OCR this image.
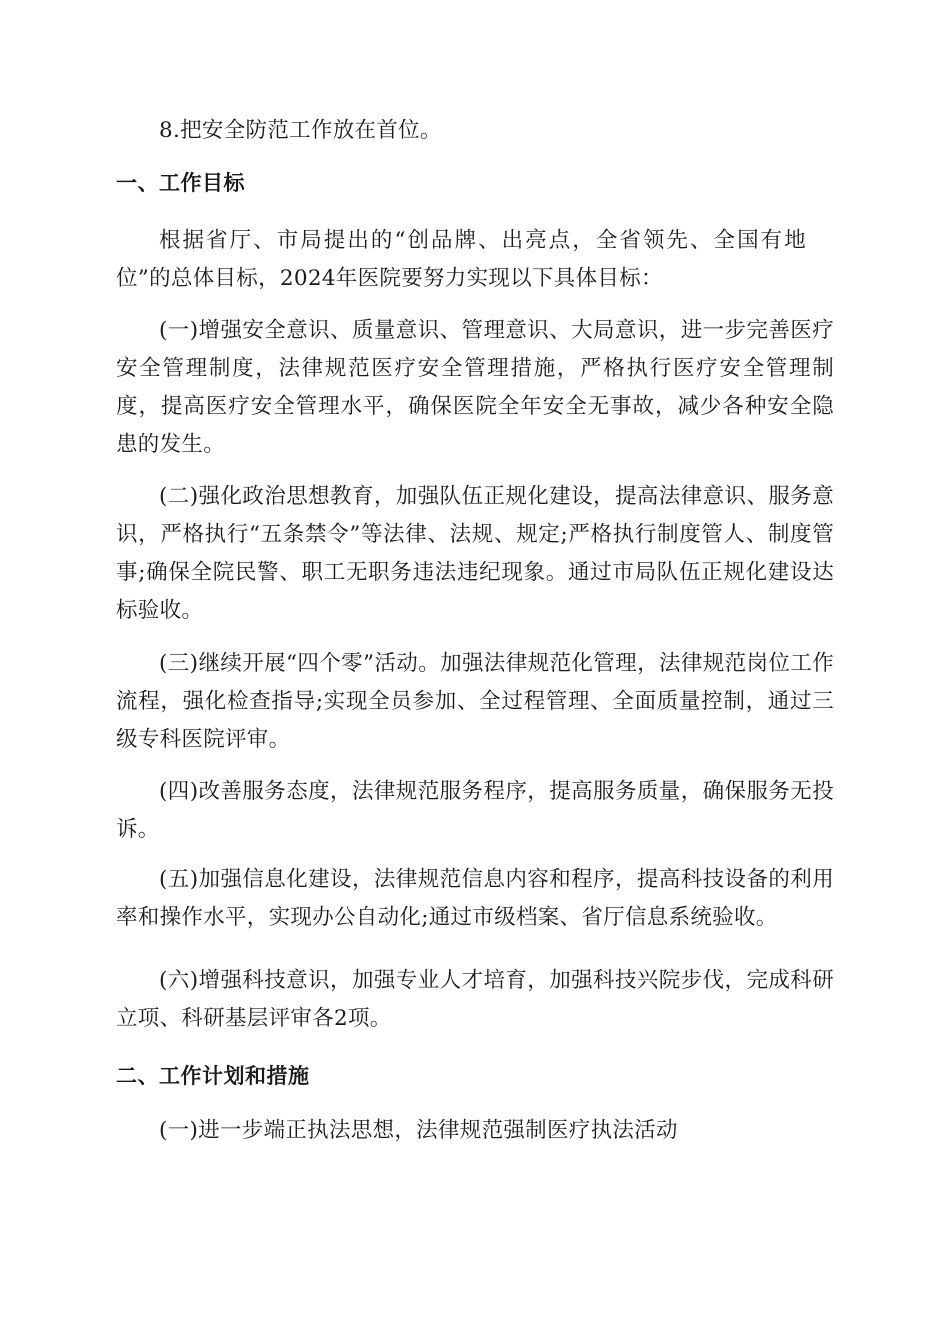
8.把安全防范工作放在首位。

一、工作目标

根据省厅、市局提出的“创品牌、出亮点，全省领先、全国有地位”的总体目标，2024年医院要努力实现以下具体目标：

(一)增强安全意识、质量意识、管理意识、大局意识，进一步完善医疗安全管理制度，法律规范医疗安全管理措施，严格执行医疗安全管理制度，提高医疗安全管理水平，确保医院全年安全无事故，减少各种安全隐患的发生。

(二)强化政治思想教育，加强队伍正规化建设，提高法律意识、服务意识，严格执行“五条禁令”等法律、法规、规定;严格执行制度管人、制度管事;确保全院民警、职工无职务违法违纪现象。通过市局队伍正规化建设达标验收。

(三)继续开展“四个零”活动。加强法律规范化管理，法律规范岗位工作流程，强化检查指导;实现全员参加、全过程管理、全面质量控制，通过三级专科医院评审。

(四)改善服务态度，法律规范服务程序，提高服务质量，确保服务无投诉。

(五)加强信息化建设，法律规范信息内容和程序，提高科技设备的利用率和操作水平，实现办公自动化;通过市级档案、省厅信息系统验收。

(六)增强科技意识，加强专业人才培育，加强科技兴院步伐，完成科研立项、科研基层评审各2项。

二、工作计划和措施

(一)进一步端正执法思想，法律规范强制医疗执法活动
